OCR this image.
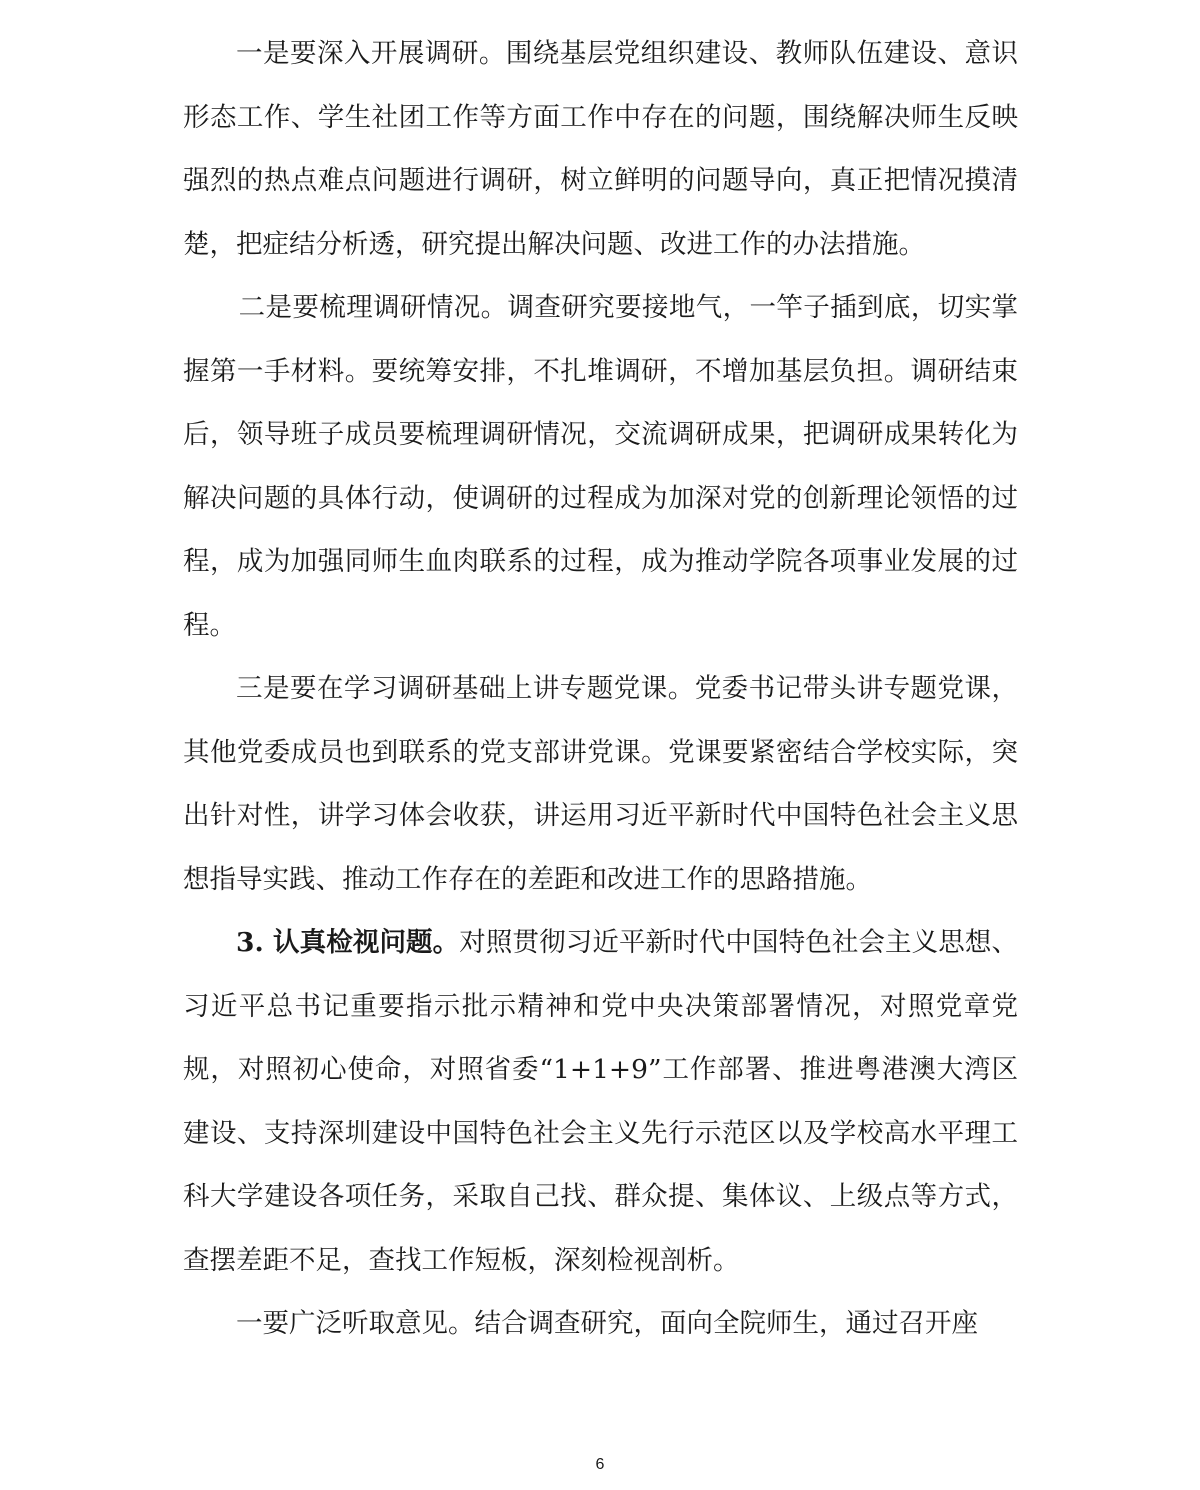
一是要深入开展调研。围绕基层党组织建设、教师队伍建设、意识形态工作、学生社团工作等方面工作中存在的问题，围绕解决师生反映强烈的热点难点问题进行调研，树立鲜明的问题导向，真正把情况摸清楚，把症结分析透，研究提出解决问题、改进工作的办法措施。

二是要梳理调研情况。调查研究要接地气，一竿子插到底，切实掌握第一手材料。要统筹安排，不扎堆调研，不增加基层负担。调研结束后，领导班子成员要梳理调研情况，交流调研成果，把调研成果转化为解决问题的具体行动，使调研的过程成为加深对党的创新理论领悟的过程，成为加强同师生血肉联系的过程，成为推动学院各项事业发展的过程。

三是要在学习调研基础上讲专题党课。党委书记带头讲专题党课，其他党委成员也到联系的党支部讲党课。党课要紧密结合学校实际，突出针对性，讲学习体会收获，讲运用习近平新时代中国特色社会主义思想指导实践、推动工作存在的差距和改进工作的思路措施。

3. 认真检视问题。对照贯彻习近平新时代中国特色社会主义思想、习近平总书记重要指示批示精神和党中央决策部署情况，对照党章党规，对照初心使命，对照省委“1+1+9”工作部署、推进粤港澳大湾区建设、支持深圳建设中国特色社会主义先行示范区以及学校高水平理工科大学建设各项任务，采取自己找、群众提、集体议、上级点等方式，查摆差距不足，查找工作短板，深刻检视剖析。

一要广泛听取意见。结合调查研究，面向全院师生，通过召开座

6
